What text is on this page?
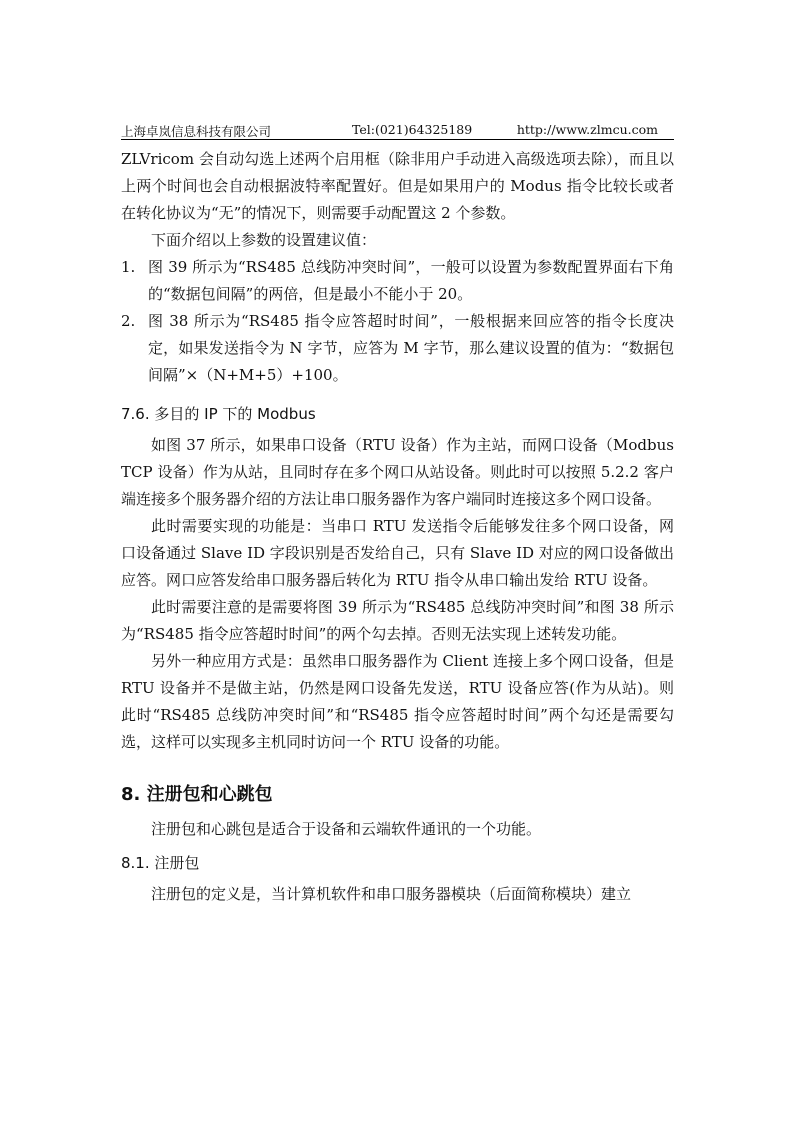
上海卓岚信息科技有限公司	Tel:(021)64325189	http://www.zlmcu.com

ZLVricom 会自动勾选上述两个启用框（除非用户手动进入高级选项去除），而且以上两个时间也会自动根据波特率配置好。但是如果用户的 Modus 指令比较长或者在转化协议为“无”的情况下，则需要手动配置这 2 个参数。

下面介绍以上参数的设置建议值：

1. 图 39 所示为“RS485 总线防冲突时间”，一般可以设置为参数配置界面右下角的“数据包间隔”的两倍，但是最小不能小于 20。

2. 图 38 所示为“RS485 指令应答超时时间”，一般根据来回应答的指令长度决定，如果发送指令为 N 字节，应答为 M 字节，那么建议设置的值为：“数据包间隔”×（N+M+5）+100。

7.6. 多目的 IP 下的 Modbus

如图 37 所示，如果串口设备（RTU 设备）作为主站，而网口设备（Modbus TCP 设备）作为从站，且同时存在多个网口从站设备。则此时可以按照 5.2.2 客户端连接多个服务器介绍的方法让串口服务器作为客户端同时连接这多个网口设备。

此时需要实现的功能是：当串口 RTU 发送指令后能够发往多个网口设备，网口设备通过 Slave ID 字段识别是否发给自己，只有 Slave ID 对应的网口设备做出应答。网口应答发给串口服务器后转化为 RTU 指令从串口输出发给 RTU 设备。

此时需要注意的是需要将图 39 所示为“RS485 总线防冲突时间”和图 38 所示为“RS485 指令应答超时时间”的两个勾去掉。否则无法实现上述转发功能。

另外一种应用方式是：虽然串口服务器作为 Client 连接上多个网口设备，但是 RTU 设备并不是做主站，仍然是网口设备先发送，RTU 设备应答(作为从站)。则此时“RS485 总线防冲突时间”和“RS485 指令应答超时时间”两个勾还是需要勾选，这样可以实现多主机同时访问一个 RTU 设备的功能。

8. 注册包和心跳包

注册包和心跳包是适合于设备和云端软件通讯的一个功能。

8.1. 注册包

注册包的定义是，当计算机软件和串口服务器模块（后面简称模块）建立
